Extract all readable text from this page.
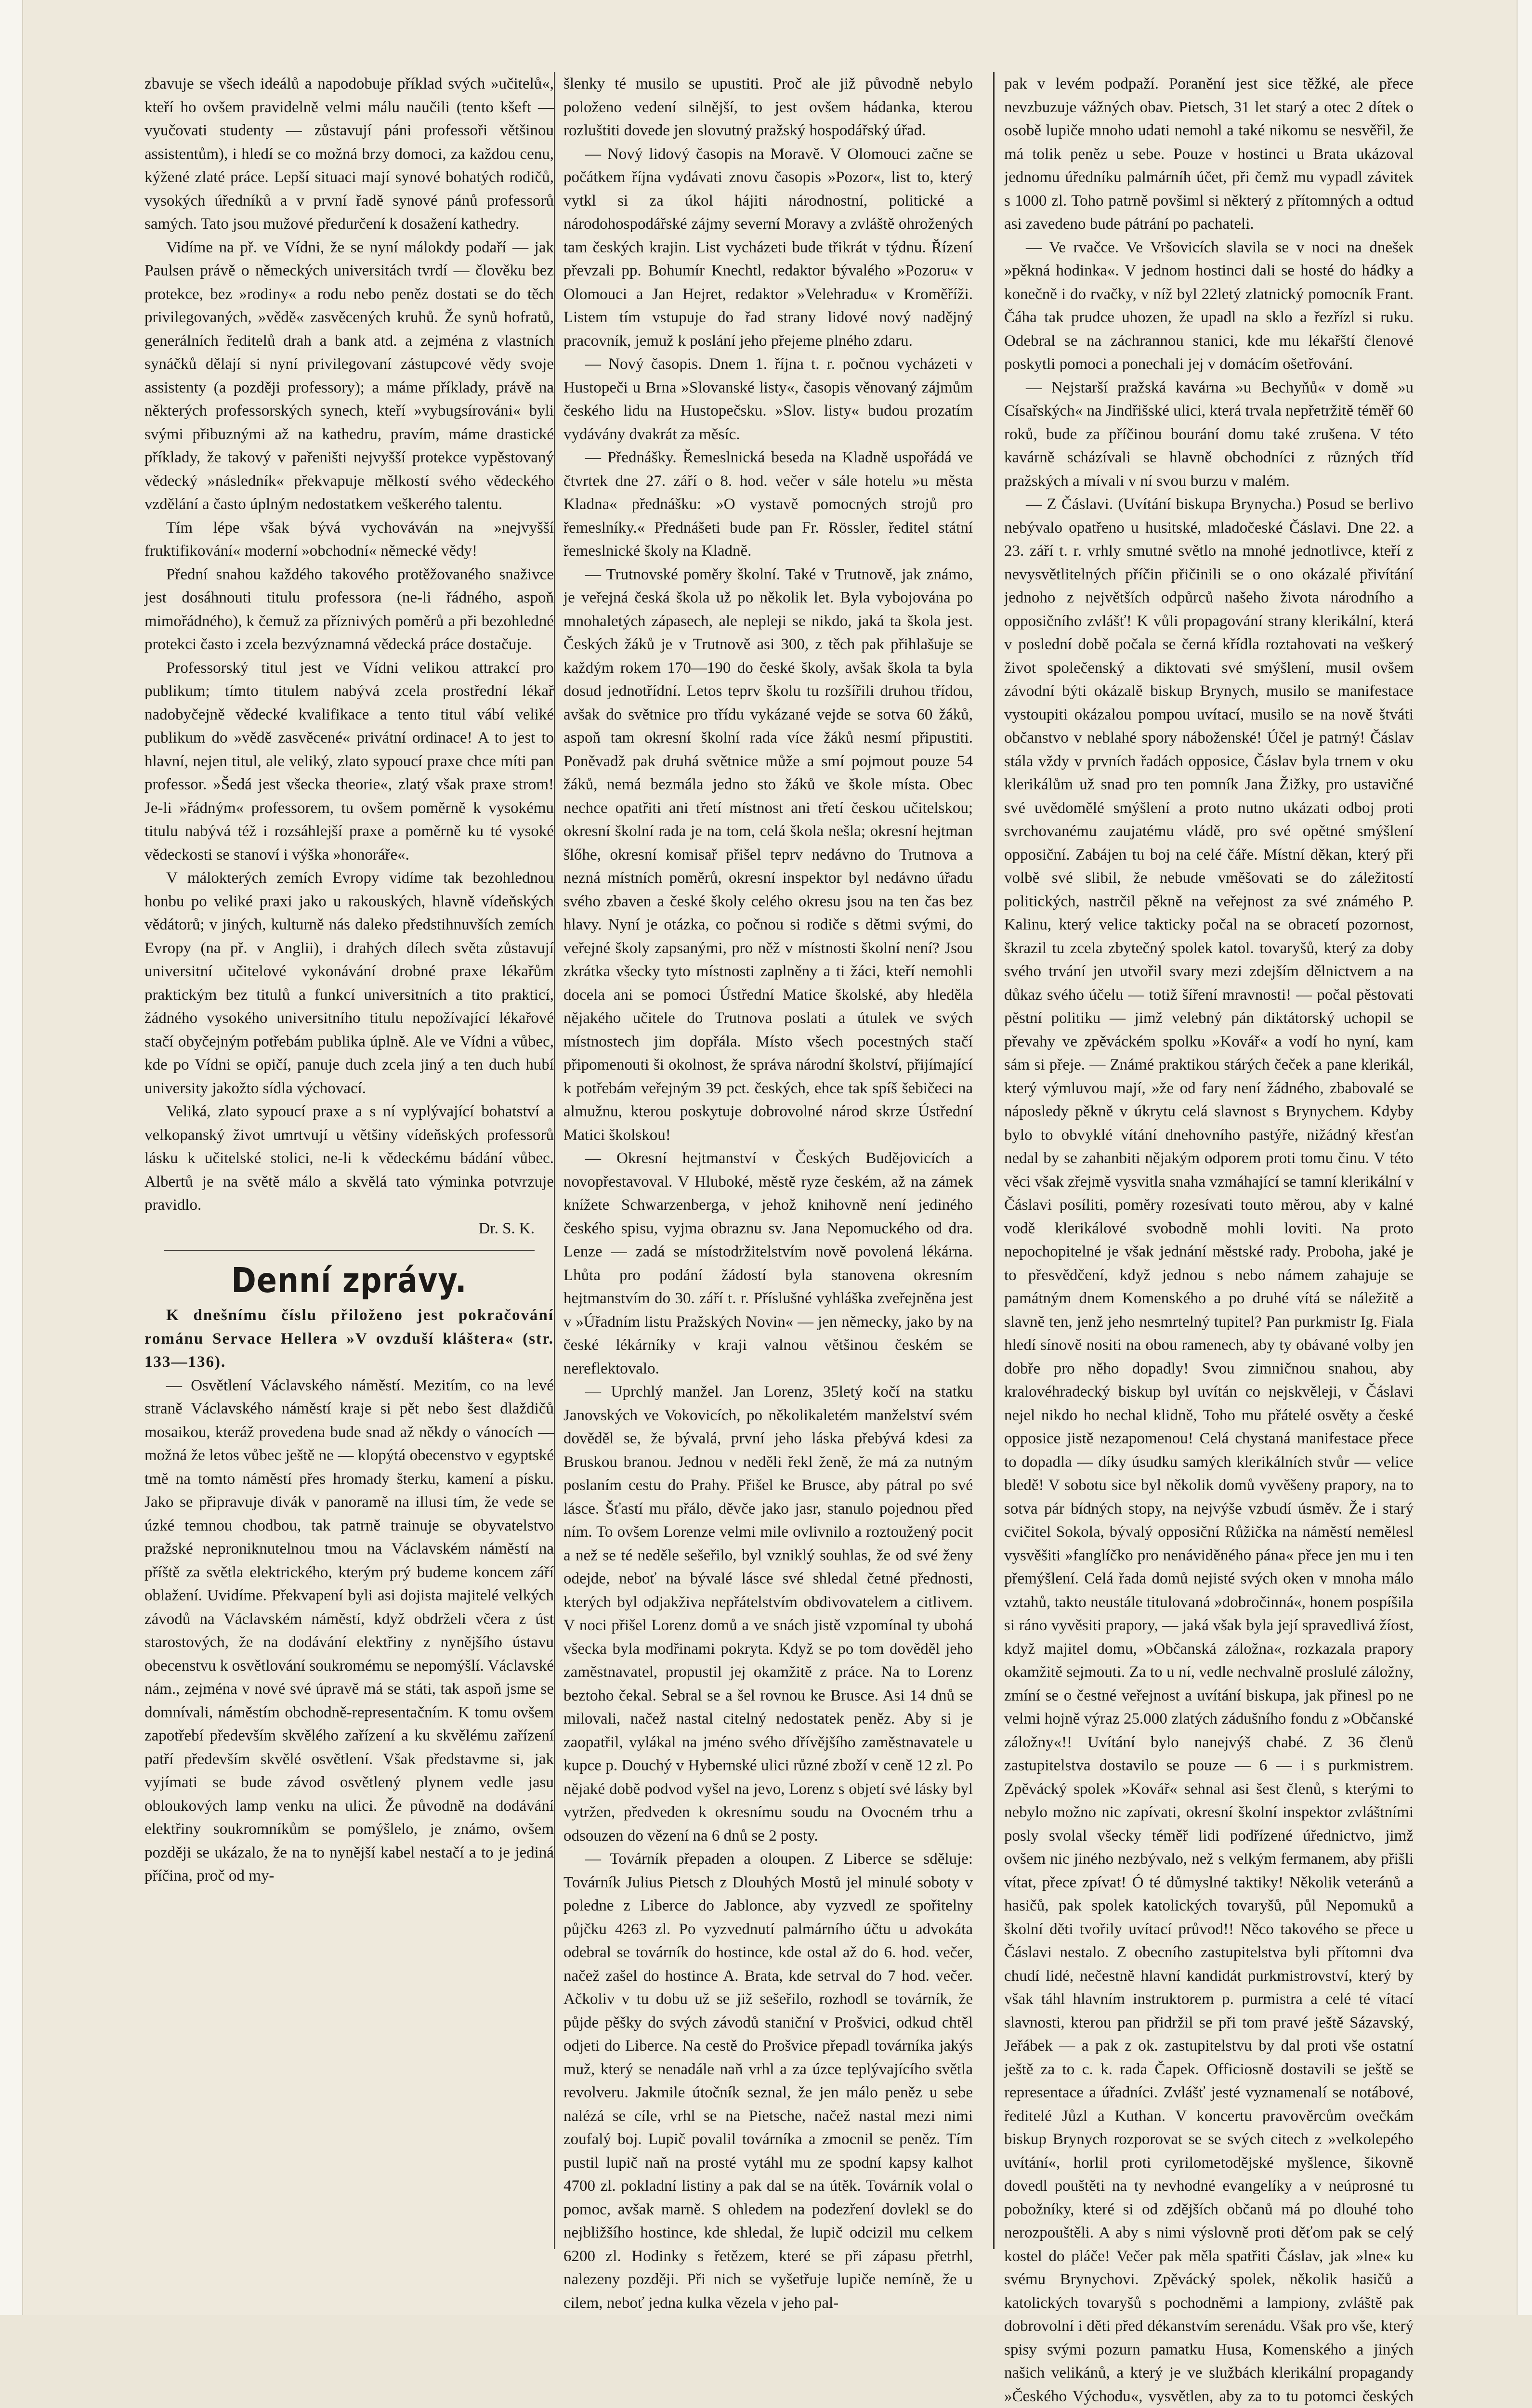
zbavuje se všech ideálů a napodobuje příklad svých »učitelů«, kteří ho ovšem pravidelně velmi málu naučili (tento kšeft — vyučovati studenty — zůstavují páni professoři většinou assistentům), i hledí se co možná brzy domoci, za každou cenu, kýžené zlaté práce. Lepší situaci mají synové bohatých rodičů, vysokých úředníků a v první řadě synové pánů professorů samých. Tato jsou mužové předurčení k dosažení kathedry.

Vidíme na př. ve Vídni, že se nyní málokdy podaří — jak Paulsen právě o německých universitách tvrdí — člověku bez protekce, bez »rodiny« a rodu nebo peněz dostati se do těch privilegovaných, »vědě« zasvěcených kruhů. Že synů hofratů, generálních ředitelů drah a bank atd. a zejména z vlastních synáčků dělají si nyní privilegovaní zástupcové vědy svoje assistenty (a později professory); a máme příklady, právě na některých professorských synech, kteří »vybugsírováni« byli svými přibuznými až na kathedru, pravím, máme drastické příklady, že takový v pařeništi nejvyšší protekce vypěstovaný vědecký »následník« překvapuje mělkostí svého vědeckého vzdělání a často úplným nedostatkem veškerého talentu.

Tím lépe však bývá vychováván na »nejvyšší fruktifikování« moderní »obchodní« německé vědy!

Přední snahou každého takového protěžovaného snaživce jest dosáhnouti titulu professora (ne-li řádného, aspoň mimořádného), k čemuž za příznivých poměrů a při bezohledné protekci často i zcela bezvýznamná vědecká práce dostačuje.

Professorský titul jest ve Vídni velikou attrakcí pro publikum; tímto titulem nabývá zcela prostřední lékař nadobyčejně vědecké kvalifikace a tento titul vábí veliké publikum do »vědě zasvěcené« privátní ordinace! A to jest to hlavní, nejen titul, ale veliký, zlato sypoucí praxe chce míti pan professor. »Šedá jest všecka theorie«, zlatý však praxe strom! Je-li »řádným« professorem, tu ovšem poměrně k vysokému titulu nabývá též i rozsáhlejší praxe a poměrně ku té vysoké vědeckosti se stanoví i výška »honoráře«.

V málokterých zemích Evropy vidíme tak bezohlednou honbu po veliké praxi jako u rakouských, hlavně vídeňských vědátorů; v jiných, kulturně nás daleko předstihnuvších zemích Evropy (na př. v Anglii), i drahých dílech světa zůstavují universitní učitelové vykonávání drobné praxe lékařům praktickým bez titulů a funkcí universitních a tito prakticí, žádného vysokého universitního titulu nepožívající lékařové stačí obyčejným potřebám publika úplně. Ale ve Vídni a vůbec, kde po Vídni se opičí, panuje duch zcela jiný a ten duch hubí university jakožto sídla výchovací.

Veliká, zlato sypoucí praxe a s ní vyplývající bohatství a velkopanský život umrtvují u většiny vídeňských professorů lásku k učitelské stolici, ne-li k vědeckému bádání vůbec. Albertů je na světě málo a skvělá tato výminka potvrzuje pravidlo.

Dr. S. K.

Denní zprávy.

K dnešnímu číslu přiloženo jest pokračování románu Servace Hellera »V ovzduší kláštera« (str. 133—136).

— Osvětlení Václavského náměstí. Mezitím, co na levé straně Václavského náměstí kraje si pět nebo šest dlaždičů mosaikou, kteráž provedena bude snad až někdy o vánocích — možná že letos vůbec ještě ne — klopýtá obecenstvo v egyptské tmě na tomto náměstí přes hromady šterku, kamení a písku. Jako se připravuje divák v panoramě na illusi tím, že vede se úzké temnou chodbou, tak patrně trainuje se obyvatelstvo pražské neproniknutelnou tmou na Václavském náměstí na příště za světla elektrického, kterým prý budeme koncem září oblažení. Uvidíme. Překvapení byli asi dojista majitelé velkých závodů na Václavském náměstí, když obdrželi včera z úst starostových, že na dodávání elektřiny z nynějšího ústavu obecenstvu k osvětlování soukromému se nepomýšlí. Václavské nám., zejména v nové své úpravě má se státi, tak aspoň jsme se domnívali, náměstím obchodně-representačním. K tomu ovšem zapotřebí především skvělého zařízení a ku skvělému zařízení patří především skvělé osvětlení. Však představme si, jak vyjímati se bude závod osvětlený plynem vedle jasu obloukových lamp venku na ulici. Že původně na dodávání elektřiny soukromníkům se pomýšlelo, je známo, ovšem později se ukázalo, že na to nynější kabel nestačí a to je jediná příčina, proč od my-

šlenky té musilo se upustiti. Proč ale již původně nebylo položeno vedení silnější, to jest ovšem hádanka, kterou rozluštiti dovede jen slovutný pražský hospodářský úřad.

— Nový lidový časopis na Moravě. V Olomouci začne se počátkem října vydávati znovu časopis »Pozor«, list to, který vytkl si za úkol hájiti národnostní, politické a národohospodářské zájmy severní Moravy a zvláště ohrožených tam českých krajin. List vycházeti bude třikrát v týdnu. Řízení převzali pp. Bohumír Knechtl, redaktor bývalého »Pozoru« v Olomouci a Jan Hejret, redaktor »Velehradu« v Kroměříži. Listem tím vstupuje do řad strany lidové nový nadějný pracovník, jemuž k poslání jeho přejeme plného zdaru.

— Nový časopis. Dnem 1. října t. r. počnou vycházeti v Hustopeči u Brna »Slovanské listy«, časopis věnovaný zájmům českého lidu na Hustopečsku. »Slov. listy« budou prozatím vydávány dvakrát za měsíc.

— Přednášky. Řemeslnická beseda na Kladně uspořádá ve čtvrtek dne 27. září o 8. hod. večer v sále hotelu »u města Kladna« přednášku: »O vystavě pomocných strojů pro řemeslníky.« Přednášeti bude pan Fr. Rössler, ředitel státní řemeslnické školy na Kladně.

— Trutnovské poměry školní. Také v Trutnově, jak známo, je veřejná česká škola už po několik let. Byla vybojována po mnohaletých zápasech, ale nepleji se nikdo, jaká ta škola jest. Českých žáků je v Trutnově asi 300, z těch pak přihlašuje se každým rokem 170—190 do české školy, avšak škola ta byla dosud jednotřídní. Letos teprv školu tu rozšířili druhou třídou, avšak do světnice pro třídu vykázané vejde se sotva 60 žáků, aspoň tam okresní školní rada více žáků nesmí připustiti. Poněvadž pak druhá světnice může a smí pojmout pouze 54 žáků, nemá bezmála jedno sto žáků ve škole místa. Obec nechce opatřiti ani třetí místnost ani třetí českou učitelskou; okresní školní rada je na tom, celá škola nešla; okresní hejtman šlőhe, okresní komisař přišel teprv nedávno do Trutnova a nezná místních poměrů, okresní inspektor byl nedávno úřadu svého zbaven a české školy celého okresu jsou na ten čas bez hlavy. Nyní je otázka, co počnou si rodiče s dětmi svými, do veřejné školy zapsanými, pro něž v místnosti školní není? Jsou zkrátka všecky tyto místnosti zaplněny a ti žáci, kteří nemohli docela ani se pomoci Ústřední Matice školské, aby hleděla nějakého učitele do Trutnova poslati a útulek ve svých místnostech jim dopřála. Místo všech pocestných stačí připomenouti ši okolnost, že správa národní školství, přijímající k potřebám veřejným 39 pct. českých, ehce tak spíš šebičeci na almužnu, kterou poskytuje dobrovolné národ skrze Ústřední Matici školskou!

— Okresní hejtmanství v Českých Budějovicích a novopřestavoval. V Hluboké, městě ryze českém, až na zámek knížete Schwarzenberga, v jehož knihovně není jediného českého spisu, vyjma obraznu sv. Jana Nepomuckého od dra. Lenze — zadá se místodržitelstvím nově povolená lékárna. Lhůta pro podání žádostí byla stanovena okresním hejtmanstvím do 30. září t. r. Příslušné vyhláška zveřejněna jest v »Úřadním listu Pražských Novin« — jen německy, jako by na české lékárníky v kraji valnou většinou českém se nereflektovalo.

— Uprchlý manžel. Jan Lorenz, 35letý kočí na statku Janovských ve Vokovicích, po několikaletém manželství svém dověděl se, že bývalá, první jeho láska přebývá kdesi za Bruskou branou. Jednou v neděli řekl ženě, že má za nutným poslaním cestu do Prahy. Přišel ke Brusce, aby pátral po své lásce. Šťastí mu přálo, děvče jako jasr, stanulo pojednou před ním. To ovšem Lorenze velmi mile ovlivnilo a roztoužený pocit a než se té neděle sešeřilo, byl vzniklý souhlas, že od své ženy odejde, neboť na bývalé lásce své shledal četné přednosti, kterých byl odjakživa nepřátelstvím obdivovatelem a citlivem. V noci přišel Lorenz domů a ve snách jistě vzpomínal ty ubohá všecka byla modřinami pokryta. Když se po tom dověděl jeho zaměstnavatel, propustil jej okamžitě z práce. Na to Lorenz beztoho čekal. Sebral se a šel rovnou ke Brusce. Asi 14 dnů se milovali, načež nastal citelný nedostatek peněz. Aby si je zaopatřil, vylákal na jméno svého dřívějšího zaměstnavatele u kupce p. Douchý v Hybernské ulici různé zboží v ceně 12 zl. Po nějaké době podvod vyšel na jevo, Lorenz s objetí své lásky byl vytržen, předveden k okresnímu soudu na Ovocném trhu a odsouzen do vězení na 6 dnů se 2 posty.

— Továrník přepaden a oloupen. Z Liberce se sděluje: Továrník Julius Pietsch z Dlouhých Mostů jel minulé soboty v poledne z Liberce do Jablonce, aby vyzvedl ze spořitelny půjčku 4263 zl. Po vyzvednutí palmárního účtu u advokáta odebral se továrník do hostince, kde ostal až do 6. hod. večer, načež zašel do hostince A. Brata, kde setrval do 7 hod. večer. Ačkoliv v tu dobu už se již sešeřilo, rozhodl se továrník, že půjde pěšky do svých závodů staniční v Prošvici, odkud chtěl odjeti do Liberce. Na cestě do Prošvice přepadl továrníka jakýs muž, který se nenadále naň vrhl a za úzce teplývajícího světla revolveru. Jakmile útočník seznal, že jen málo peněz u sebe nalézá se cíle, vrhl se na Pietsche, načež nastal mezi nimi zoufalý boj. Lupič povalil továrníka a zmocnil se peněz. Tím pustil lupič naň na prosté vytáhl mu ze spodní kapsy kalhot 4700 zl. pokladní listiny a pak dal se na útěk. Továrník volal o pomoc, avšak marně. S ohledem na podezření dovlekl se do nejbližšího hostince, kde shledal, že lupič odcizil mu celkem 6200 zl. Hodinky s řetězem, které se při zápasu přetrhl, nalezeny později. Při nich se vyšetřuje lupiče nemíně, že u cilem, neboť jedna kulka vězela v jeho pal-

pak v levém podpaží. Poranění jest sice těžké, ale přece nevzbuzuje vážných obav. Pietsch, 31 let starý a otec 2 dítek o osobě lupiče mnoho udati nemohl a také nikomu se nesvěřil, že má tolik peněz u sebe. Pouze v hostinci u Brata ukázoval jednomu úředníku palmárníh účet, při čemž mu vypadl závitek s 1000 zl. Toho patrně povšiml si některý z přítomných a odtud asi zavedeno bude pátrání po pachateli.

— Ve rvačce. Ve Vršovicích slavila se v noci na dnešek »pěkná hodinka«. V jednom hostinci dali se hosté do hádky a konečně i do rvačky, v níž byl 22letý zlatnický pomocník Frant. Čáha tak prudce uhozen, že upadl na sklo a řezřízl si ruku. Odebral se na záchrannou stanici, kde mu lékařští členové poskytli pomoci a ponechali jej v domácím ošetřování.

— Nejstarší pražská kavárna »u Bechyňů« v domě »u Císařských« na Jindřišské ulici, která trvala nepřetržitě téměř 60 roků, bude za příčinou bourání domu také zrušena. V této kavárně scházívali se hlavně obchodníci z různých tříd pražských a mívali v ní svou burzu v malém.

— Z Čáslavi. (Uvítání biskupa Brynycha.) Posud se berlivo nebývalo opatřeno u husitské, mladočeské Čáslavi. Dne 22. a 23. září t. r. vrhly smutné světlo na mnohé jednotlivce, kteří z nevysvětlitelných příčin přičinili se o ono okázalé přivítání jednoho z největších odpůrců našeho života národního a opposičního zvlášť! K vůli propagování strany klerikální, která v poslední době počala se černá křídla roztahovati na veškerý život společenský a diktovati své smýšlení, musil ovšem závodní býti okázalě biskup Brynych, musilo se manifestace vystoupiti okázalou pompou uvítací, musilo se na nově štváti občanstvo v neblahé spory náboženské! Účel je patrný! Čáslav stála vždy v prvních řadách opposice, Čáslav byla trnem v oku klerikálům už snad pro ten pomník Jana Žižky, pro ustavičné své uvědomělé smýšlení a proto nutno ukázati odboj proti svrchovanému zaujatému vládě, pro své opětné smýšlení opposiční. Zabájen tu boj na celé čáře. Místní děkan, který při volbě své slibil, že nebude vměšovati se do záležitostí politických, nastrčil pěkně na veřejnost za své známého P. Kalinu, který velice takticky počal na se obracetí pozornost, škrazil tu zcela zbytečný spolek katol. tovaryšů, který za doby svého trvání jen utvořil svary mezi zdejším dělnictvem a na důkaz svého účelu — totiž šíření mravnosti! — počal pěstovati pěstní politiku — jimž velebný pán diktátorský uchopil se převahy ve zpěváckém spolku »Kovář« a vodí ho nyní, kam sám si přeje. — Známé praktikou stárých čeček a pane klerikál, který výmluvou mají, »že od fary není žádného, zbabovalé se náposledy pěkně v úkrytu celá slavnost s Brynychem. Kdyby bylo to obvyklé vítání dnehovního pastýře, nižádný křesťan nedal by se zahanbiti nějakým odporem proti tomu činu. V této věci však zřejmě vysvitla snaha vzmáhající se tamní klerikální v Čáslavi posíliti, poměry rozesívati touto měrou, aby v kalné vodě klerikálové svobodně mohli loviti. Na proto nepochopitelné je však jednání městské rady. Proboha, jaké je to přesvědčení, když jednou s nebo námem zahajuje se památným dnem Komenského a po druhé vítá se náležitě a slavně ten, jenž jeho nesmrtelný tupitel? Pan purkmistr Ig. Fiala hledí sínově nositi na obou ramenech, aby ty obávané volby jen dobře pro něho dopadly! Svou zimničnou snahou, aby kralovéhradecký biskup byl uvítán co nejskvěleji, v Čáslavi nejel nikdo ho nechal klidně, Toho mu přátelé osvěty a české opposice jistě nezapomenou! Celá chystaná manifestace přece to dopadla — díky úsudku samých klerikálních stvůr — velice bledě! V sobotu sice byl několik domů vyvěšeny prapory, na to sotva pár bídných stopy, na nejvýše vzbudí úsměv. Že i starý cvičitel Sokola, bývalý opposiční Růžička na náměstí nemělesl vysvěšiti »fanglíčko pro nenáviděného pána« přece jen mu i ten přemýšlení. Celá řada domů nejisté svých oken v mnoha málo vztahů, takto neustále titulovaná »dobročinná«, honem pospíšila si ráno vyvěsiti prapory, — jaká však byla její spravedlivá žíost, když majitel domu, »Občanská záložna«, rozkazala prapory okamžitě sejmouti. Za to u ní, vedle nechvalně proslulé záložny, zmíní se o čestné veřejnost a uvítání biskupa, jak přinesl po ne velmi hojně výraz 25.000 zlatých zádušního fondu z »Občanské záložny«!! Uvítání bylo nanejvýš chabé. Z 36 členů zastupitelstva dostavilo se pouze — 6 — i s purkmistrem. Zpěvácký spolek »Kovář« sehnal asi šest členů, s kterými to nebylo možno nic zapívati, okresní školní inspektor zvláštními posly svolal všecky téměř lidi podřízené úřednictvo, jimž ovšem nic jiného nezbývalo, než s velkým fermanem, aby přišli vítat, přece zpívat! Ó té důmyslné taktiky! Několik veteránů a hasičů, pak spolek katolických tovaryšů, půl Nepomuků a školní děti tvořily uvítací průvod!! Něco takového se přece u Čáslavi nestalo. Z obecního zastupitelstva byli přítomni dva chudí lidé, nečestně hlavní kandidát purkmistrovství, který by však táhl hlavním instruktorem p. purmistra a celé té vítací slavnosti, kterou pan přidržil se při tom pravé ještě Sázavský, Jeřábek — a pak z ok. zastupitelstvu by dal proti vše ostatní ještě za to c. k. rada Čapek. Officiosně dostavili se ještě se representace a úřadníci. Zvlášť jesté vyznamenalí se notábové, ředitelé Jůzl a Kuthan. V koncertu pravověrcům ovečkám biskup Brynych rozporovat se se svých citech z »velkolepého uvítání«, horlil proti cyrilometodějské myšlence, šikovně dovedl pouštěti na ty nevhodné evangelíky a v neúprosné tu pobožníky, které si od zdějších občanů má po dlouhé toho nerozpouštěli. A aby s nimi výslovně proti děťom pak se celý kostel do pláče! Večer pak měla spatřiti Čáslav, jak »lne« ku svému Brynychovi. Zpěvácký spolek, několik hasičů a katolických tovaryšů s pochodněmi a lampiony, zvláště pak dobrovolní i děti před dékanstvím serenádu. Však pro vše, který spisy svými pozurn pamatku Husa, Komenského a jiných našich velikánů, a který je ve službách klerikální propagandy »Českého Východu«, vysvětlen, aby za to tu potomci českých
